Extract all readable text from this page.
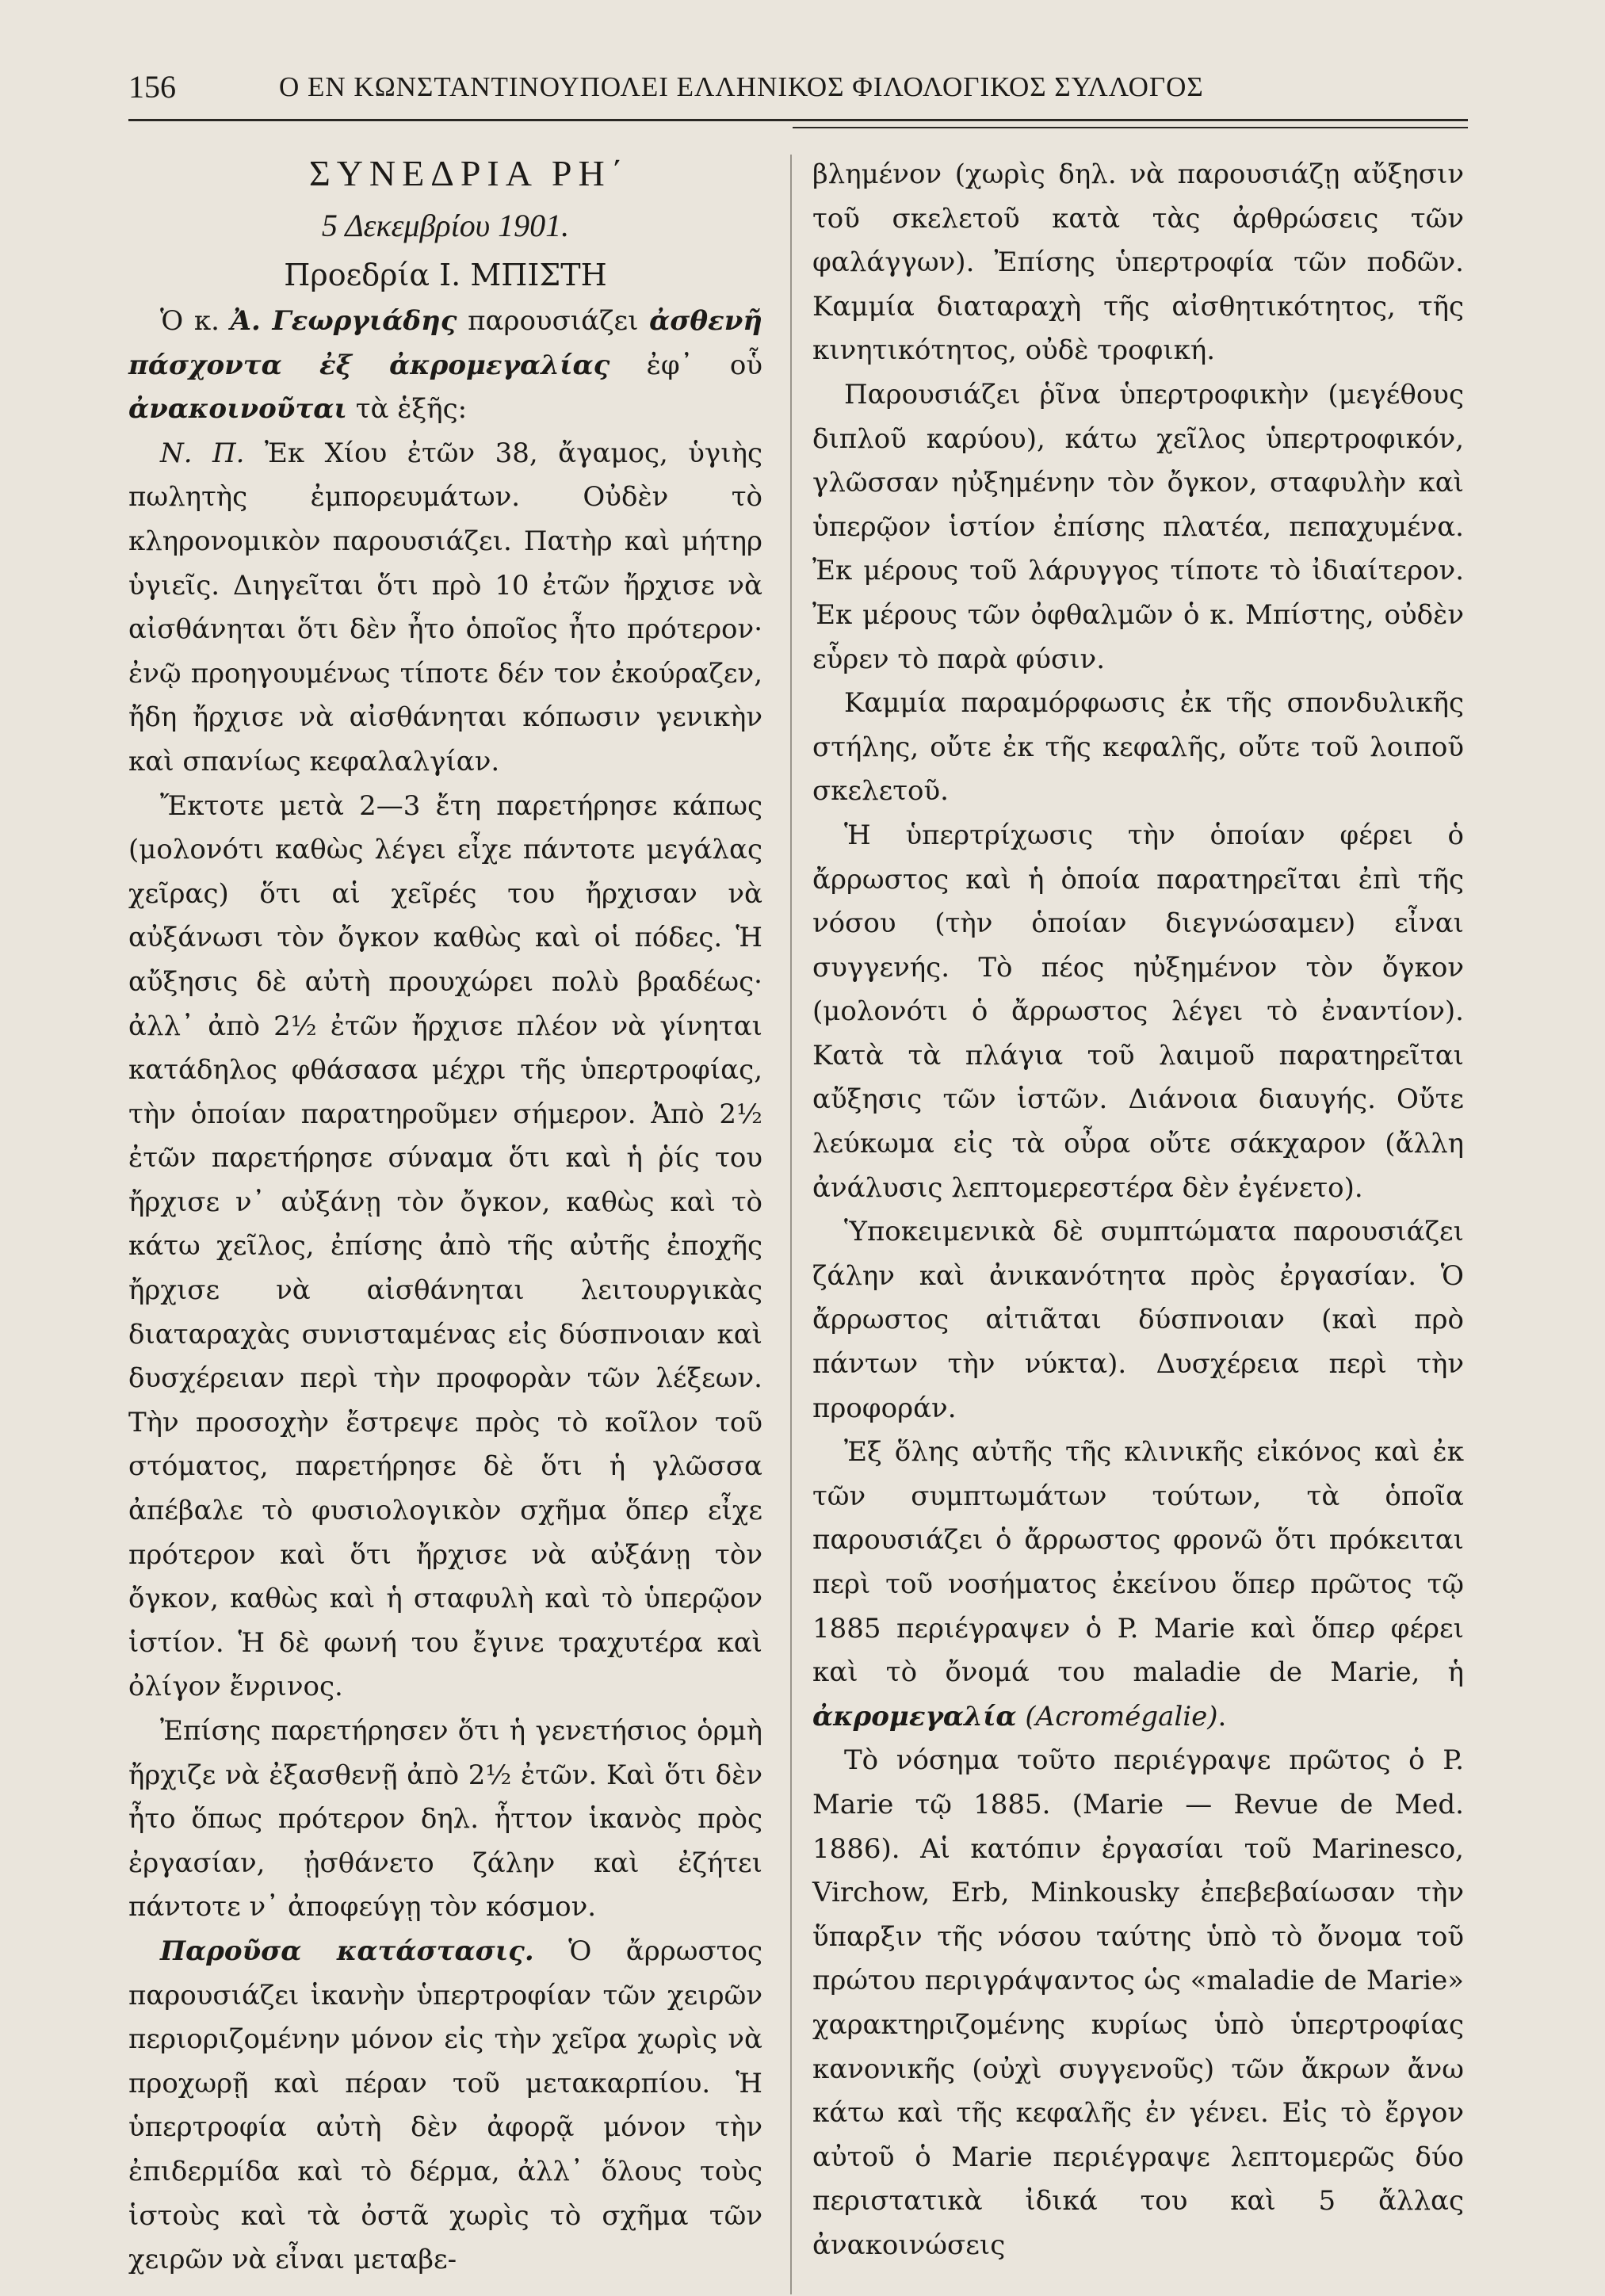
156	Ο ΕΝ ΚΩΝΣΤΑΝΤΙΝΟΥΠΟΛΕΙ ΕΛΛΗΝΙΚΟΣ ΦΙΛΟΛΟΓΙΚΟΣ ΣΥΛΛΟΓΟΣ

ΣΥΝΕΔΡΙΑ ΡΗ΄

5 Δεκεμβρίου 1901.

Προεδρία Ι. ΜΠΙΣΤΗ

Ὁ κ. Ἀ. Γεωργιάδης παρουσιάζει ἀσθενῆ πάσχοντα ἐξ ἀκρομεγαλίας ἐφ᾽ οὗ ἀνακοινοῦται τὰ ἑξῆς:

Ν. Π. Ἐκ Χίου ἐτῶν 38, ἄγαμος, ὑγιὴς πωλητὴς ἐμπορευμάτων. Οὐδὲν τὸ κληρονομικὸν παρουσιάζει. Πατὴρ καὶ μήτηρ ὑγιεῖς. Διηγεῖται ὅτι πρὸ 10 ἐτῶν ἤρχισε νὰ αἰσθάνηται ὅτι δὲν ἦτο ὁποῖος ἦτο πρότερον· ἐνῷ προηγουμένως τίποτε δέν τον ἐκούραζεν, ἤδη ἤρχισε νὰ αἰσθάνηται κόπωσιν γενικὴν καὶ σπανίως κεφαλαλγίαν.

Ἔκτοτε μετὰ 2—3 ἔτη παρετήρησε κάπως (μολονότι καθὼς λέγει εἶχε πάντοτε μεγάλας χεῖρας) ὅτι αἱ χεῖρές του ἤρχισαν νὰ αὐξάνωσι τὸν ὄγκον καθὼς καὶ οἱ πόδες. Ἡ αὔξησις δὲ αὐτὴ προυχώρει πολὺ βραδέως· ἀλλ᾽ ἀπὸ 2½ ἐτῶν ἤρχισε πλέον νὰ γίνηται κατάδηλος φθάσασα μέχρι τῆς ὑπερτροφίας, τὴν ὁποίαν παρατηροῦμεν σήμερον. Ἀπὸ 2½ ἐτῶν παρετήρησε σύναμα ὅτι καὶ ἡ ῥίς του ἤρχισε ν᾽ αὐξάνῃ τὸν ὄγκον, καθὼς καὶ τὸ κάτω χεῖλος, ἐπίσης ἀπὸ τῆς αὐτῆς ἐποχῆς ἤρχισε νὰ αἰσθάνηται λειτουργικὰς διαταραχὰς συνισταμένας εἰς δύσπνοιαν καὶ δυσχέρειαν περὶ τὴν προφορὰν τῶν λέξεων. Τὴν προσοχὴν ἔστρεψε πρὸς τὸ κοῖλον τοῦ στόματος, παρετήρησε δὲ ὅτι ἡ γλῶσσα ἀπέβαλε τὸ φυσιολογικὸν σχῆμα ὅπερ εἶχε πρότερον καὶ ὅτι ἤρχισε νὰ αὐξάνῃ τὸν ὄγκον, καθὼς καὶ ἡ σταφυλὴ καὶ τὸ ὑπερῷον ἱστίον. Ἡ δὲ φωνή του ἔγινε τραχυτέρα καὶ ὀλίγον ἔνρινος.

Ἐπίσης παρετήρησεν ὅτι ἡ γενετήσιος ὁρμὴ ἤρχιζε νὰ ἐξασθενῇ ἀπὸ 2½ ἐτῶν. Καὶ ὅτι δὲν ἦτο ὅπως πρότερον δηλ. ἧττον ἱκανὸς πρὸς ἐργασίαν, ᾐσθάνετο ζάλην καὶ ἐζήτει πάντοτε ν᾽ ἀποφεύγῃ τὸν κόσμον.

Παροῦσα κατάστασις. Ὁ ἄρρωστος παρουσιάζει ἱκανὴν ὑπερτροφίαν τῶν χειρῶν περιοριζομένην μόνον εἰς τὴν χεῖρα χωρὶς νὰ προχωρῇ καὶ πέραν τοῦ μετακαρπίου. Ἡ ὑπερτροφία αὐτὴ δὲν ἀφορᾷ μόνον τὴν ἐπιδερμίδα καὶ τὸ δέρμα, ἀλλ᾽ ὅλους τοὺς ἱστοὺς καὶ τὰ ὀστᾶ χωρὶς τὸ σχῆμα τῶν χειρῶν νὰ εἶναι μεταβε-

βλημένον (χωρὶς δηλ. νὰ παρουσιάζῃ αὔξησιν τοῦ σκελετοῦ κατὰ τὰς ἀρθρώσεις τῶν φαλάγγων). Ἐπίσης ὑπερτροφία τῶν ποδῶν. Καμμία διαταραχὴ τῆς αἰσθητικότητος, τῆς κινητικότητος, οὐδὲ τροφική.

Παρουσιάζει ῥῖνα ὑπερτροφικὴν (μεγέθους διπλοῦ καρύου), κάτω χεῖλος ὑπερτροφικόν, γλῶσσαν ηὐξημένην τὸν ὄγκον, σταφυλὴν καὶ ὑπερῷον ἱστίον ἐπίσης πλατέα, πεπαχυμένα. Ἐκ μέρους τοῦ λάρυγγος τίποτε τὸ ἰδιαίτερον. Ἐκ μέρους τῶν ὀφθαλμῶν ὁ κ. Μπίστης, οὐδὲν εὗρεν τὸ παρὰ φύσιν.

Καμμία παραμόρφωσις ἐκ τῆς σπονδυλικῆς στήλης, οὔτε ἐκ τῆς κεφαλῆς, οὔτε τοῦ λοιποῦ σκελετοῦ.

Ἡ ὑπερτρίχωσις τὴν ὁποίαν φέρει ὁ ἄρρωστος καὶ ἡ ὁποία παρατηρεῖται ἐπὶ τῆς νόσου (τὴν ὁποίαν διεγνώσαμεν) εἶναι συγγενής. Τὸ πέος ηὐξημένον τὸν ὄγκον (μολονότι ὁ ἄρρωστος λέγει τὸ ἐναντίον). Κατὰ τὰ πλάγια τοῦ λαιμοῦ παρατηρεῖται αὔξησις τῶν ἱστῶν. Διάνοια διαυγής. Οὔτε λεύκωμα εἰς τὰ οὖρα οὔτε σάκχαρον (ἄλλη ἀνάλυσις λεπτομερεστέρα δὲν ἐγένετο).

Ὑποκειμενικὰ δὲ συμπτώματα παρουσιάζει ζάλην καὶ ἀνικανότητα πρὸς ἐργασίαν. Ὁ ἄρρωστος αἰτιᾶται δύσπνοιαν (καὶ πρὸ πάντων τὴν νύκτα). Δυσχέρεια περὶ τὴν προφοράν.

Ἐξ ὅλης αὐτῆς τῆς κλινικῆς εἰκόνος καὶ ἐκ τῶν συμπτωμάτων τούτων, τὰ ὁποῖα παρουσιάζει ὁ ἄρρωστος φρονῶ ὅτι πρόκειται περὶ τοῦ νοσήματος ἐκείνου ὅπερ πρῶτος τῷ 1885 περιέγραψεν ὁ P. Marie καὶ ὅπερ φέρει καὶ τὸ ὄνομά του maladie de Marie, ἡ ἀκρομεγαλία (Acromégalie).

Τὸ νόσημα τοῦτο περιέγραψε πρῶτος ὁ P. Marie τῷ 1885. (Marie — Revue de Med. 1886). Αἱ κατόπιν ἐργασίαι τοῦ Marinesco, Virchow, Erb, Minkousky ἐπεβεβαίωσαν τὴν ὕπαρξιν τῆς νόσου ταύτης ὑπὸ τὸ ὄνομα τοῦ πρώτου περιγράψαντος ὡς «maladie de Marie» χαρακτηριζομένης κυρίως ὑπὸ ὑπερτροφίας κανονικῆς (οὐχὶ συγγενοῦς) τῶν ἄκρων ἄνω κάτω καὶ τῆς κεφαλῆς ἐν γένει. Εἰς τὸ ἔργον αὐτοῦ ὁ Marie περιέγραψε λεπτομερῶς δύο περιστατικὰ ἰδικά του καὶ 5 ἄλλας ἀνακοινώσεις
